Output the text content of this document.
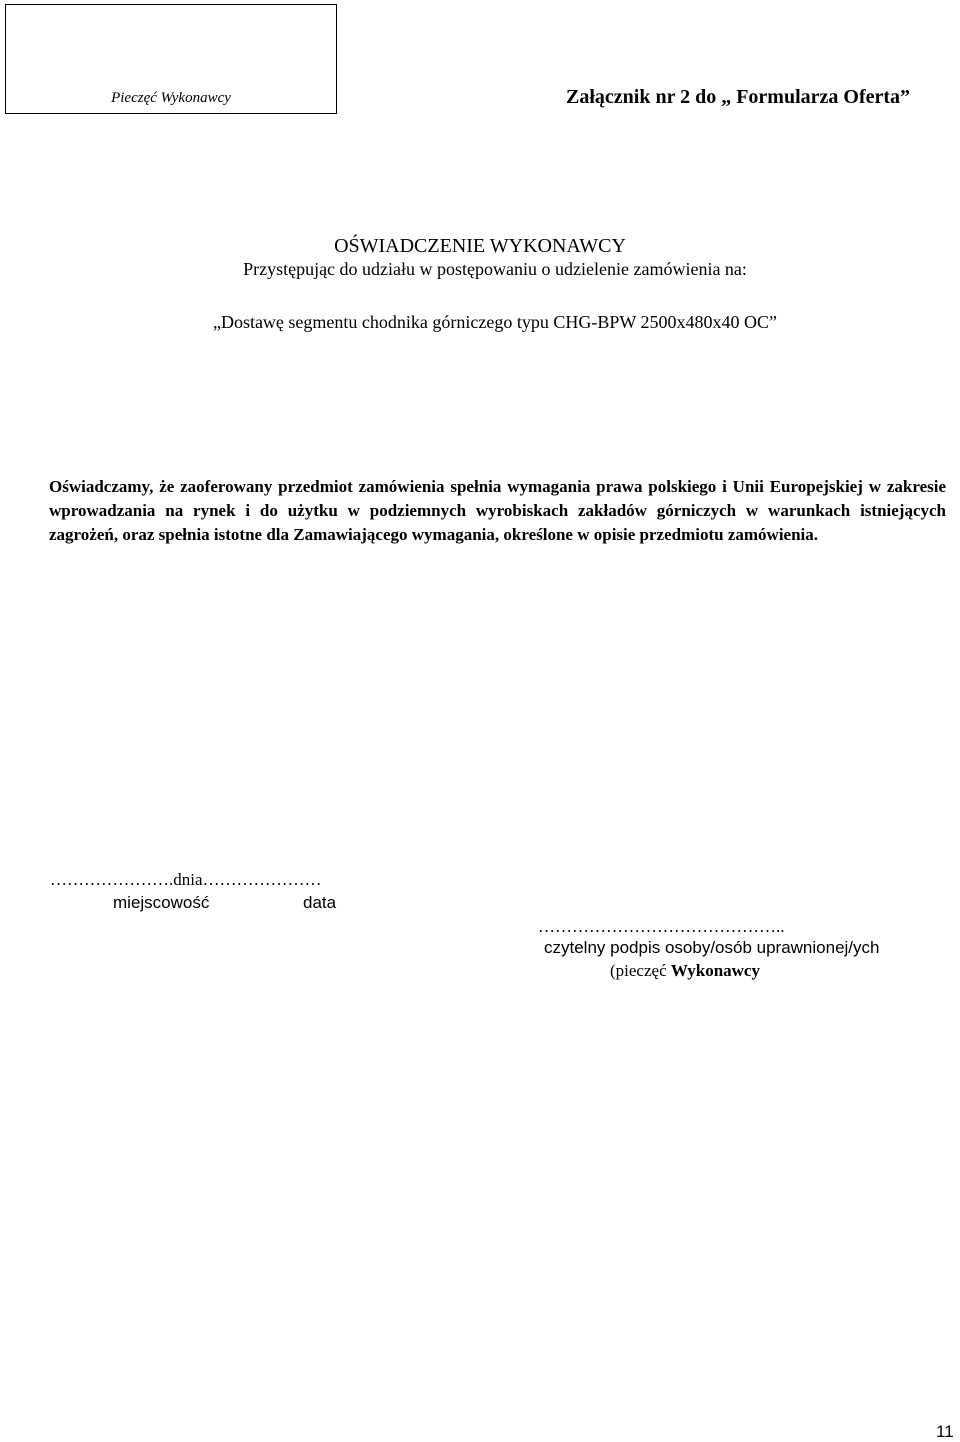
Pieczęć Wykonawcy	Załącznik nr 2 do „ Formularza Oferta”
OŚWIADCZENIE WYKONAWCY
Przystępując do udziału w postępowaniu o udzielenie zamówienia na:
„Dostawę segmentu chodnika górniczego typu CHG-BPW 2500x480x40 OC”
Oświadczamy, że zaoferowany przedmiot zamówienia spełnia wymagania prawa polskiego i Unii Europejskiej w zakresie wprowadzania na rynek i do użytku w podziemnych wyrobiskach zakładów górniczych w warunkach istniejących zagrożeń, oraz spełnia istotne dla Zamawiającego wymagania, określone w opisie przedmiotu zamówienia.
………………….dnia…………………
miejscowość	data
……………………………………..
czytelny podpis osoby/osób uprawnionej/ych
(pieczęć Wykonawcy
11
